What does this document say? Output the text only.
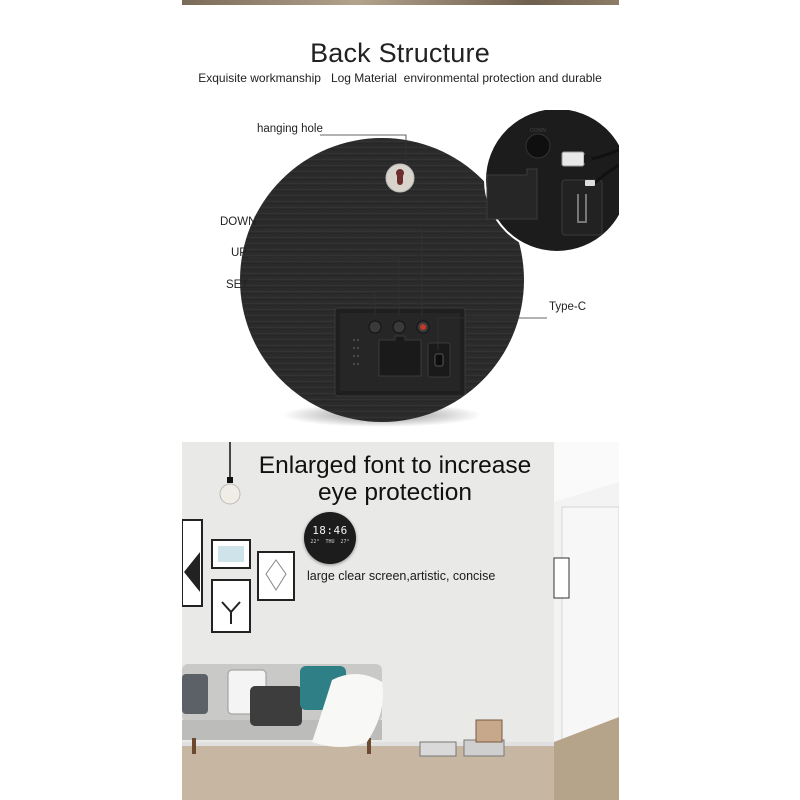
Back Structure
Exquisite workmanship   Log Material  environmental protection and durable
DOWN
hanging hole
DOWN
UP
SET
Type-C
Enlarged font to increase eye protection
18:46
22°  THU  27°
large clear screen,artistic, concise
